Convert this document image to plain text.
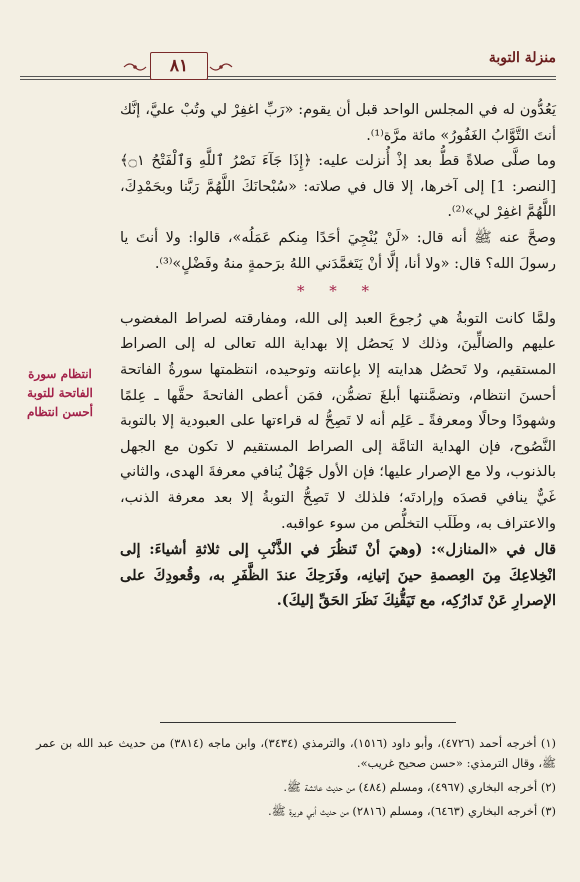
منزلة التوبة
٨١

يَعُدُّون له في المجلس الواحد قبل أن يقوم: «رَبِّ اغفِرْ لي وتُبْ عليَّ، إنَّك أنتَ التَّوَّابُ الغَفُورُ» مائة مرَّة⁽¹⁾.

وما صلَّى صلاةً قطُّ بعد إذْ أُنزلت عليه: ﴿إِذَا جَآءَ نَصْرُ ٱللَّهِ وَٱلْفَتْحُ ۝١﴾ [النصر: 1] إلى آخرها، إلا قال في صلاته: «سُبْحانَكَ اللَّهُمَّ رَبَّنا وبحَمْدِكَ، اللَّهُمَّ اغفِرْ لي»⁽²⁾.

وصحَّ عنه ﷺ أنه قال: «لَنْ يُنْجِيَ أحَدًا مِنكم عَمَلُه»، قالوا: ولا أنتَ يا رسولَ الله؟ قال: «ولا أنا، إلَّا أنْ يَتَغمَّدَني اللهُ برَحمةٍ منهُ وفَضْلٍ»⁽³⁾.

* * *

ولمَّا كانت التوبةُ هي رُجوعَ العبد إلى الله، ومفارقته لصراط المغضوب عليهم والضالِّينَ، وذلك لا يَحصُل إلا بهداية الله تعالى له إلى الصراط المستقيم، ولا تَحصُل هدايته إلا بإعانته وتوحيده، انتظمتها سورةُ الفاتحة أحسنَ انتظام، وتضمَّنتها أبلغَ تضمُّن، فمَن أعطى الفاتحةَ حقَّها ـ عِلمًا وشهودًا وحالًا ومعرفةً ـ عَلِم أنه لا تَصِحُّ له قراءتها على العبودية إلا بالتوبة النَّصُوح، فإن الهداية التامَّة إلى الصراط المستقيم لا تكون مع الجهل بالذنوب، ولا مع الإصرار عليها؛ فإن الأول جَهْلٌ يُنافي معرفةَ الهدى، والثاني غَيٌّ ينافي قصدَه وإرادتَه؛ فلذلك لا تَصِحُّ التوبةُ إلا بعد معرفة الذنب، والاعتراف به، وطَلَب التخلُّص من سوء عواقبه.

قال في «المنازل»: (وهيَ أنْ تَنظُرَ في الذَّنْبِ إلى ثلاثةِ أشياءَ: إلى انْخِلاعِكَ مِنَ العِصمةِ حينَ إتيانِه، وفَرَحِكَ عندَ الظَّفَرِ به، وقُعودِكَ على الإصرارِ عَنْ تَدارُكِه، مع تَيَقُّنِكَ نَظَرَ الحَقِّ إليكَ).

انتظام سورة الفاتحة للتوبة أحسن انتظام

(١) أخرجه أحمد (٤٧٢٦)، وأبو داود (١٥١٦)، والترمذي (٣٤٣٤)، وابن ماجه (٣٨١٤) من حديث عبد الله بن عمر ﷺ، وقال الترمذي: «حسن صحيح غريب».

(٢) أخرجه البخاري (٤٩٦٧)، ومسلم (٤٨٤) من حديث عائشة ﷺ.

(٣) أخرجه البخاري (٦٤٦٣)، ومسلم (٢٨١٦) من حديث أبي هريرة ﷺ.
